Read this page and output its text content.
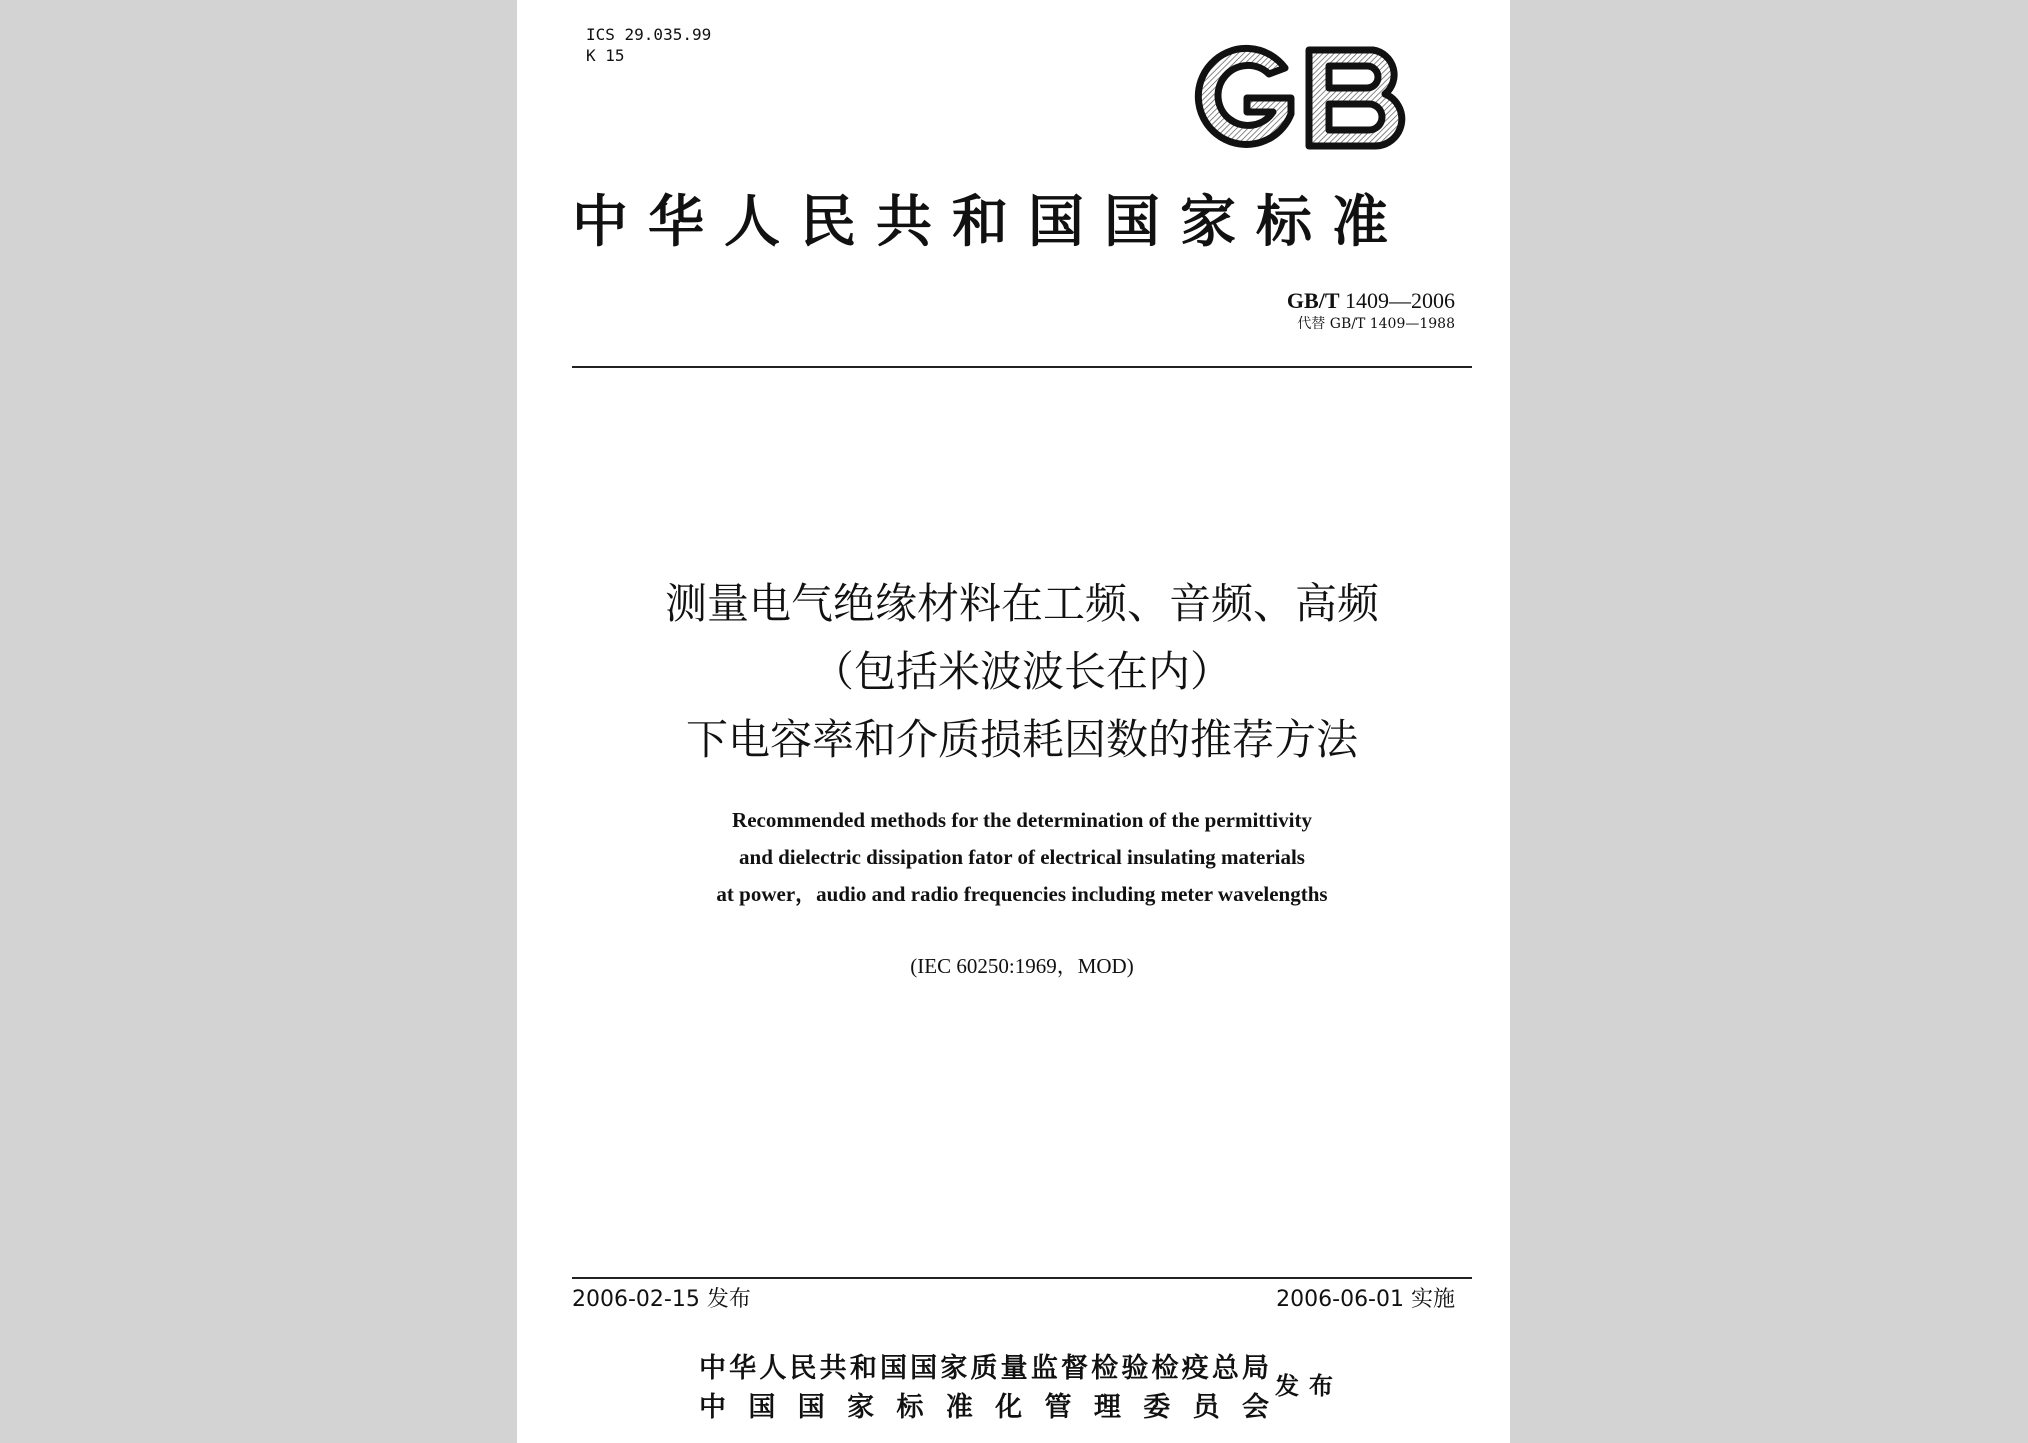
ICS 29.035.99
K 15
中华人民共和国国家标准
GB/T 1409—2006
代替 GB/T 1409—1988
测量电气绝缘材料在工频、音频、高频
（包括米波波长在内）
下电容率和介质损耗因数的推荐方法
Recommended methods for the determination of the permittivity
and dielectric dissipation fator of electrical insulating materials
at power，audio and radio frequencies including meter wavelengths
(IEC 60250:1969，MOD)
2006-02-15 发布	2006-06-01 实施
中华人民共和国国家质量监督检验检疫总局
中国国家标准化管理委员会
发布
